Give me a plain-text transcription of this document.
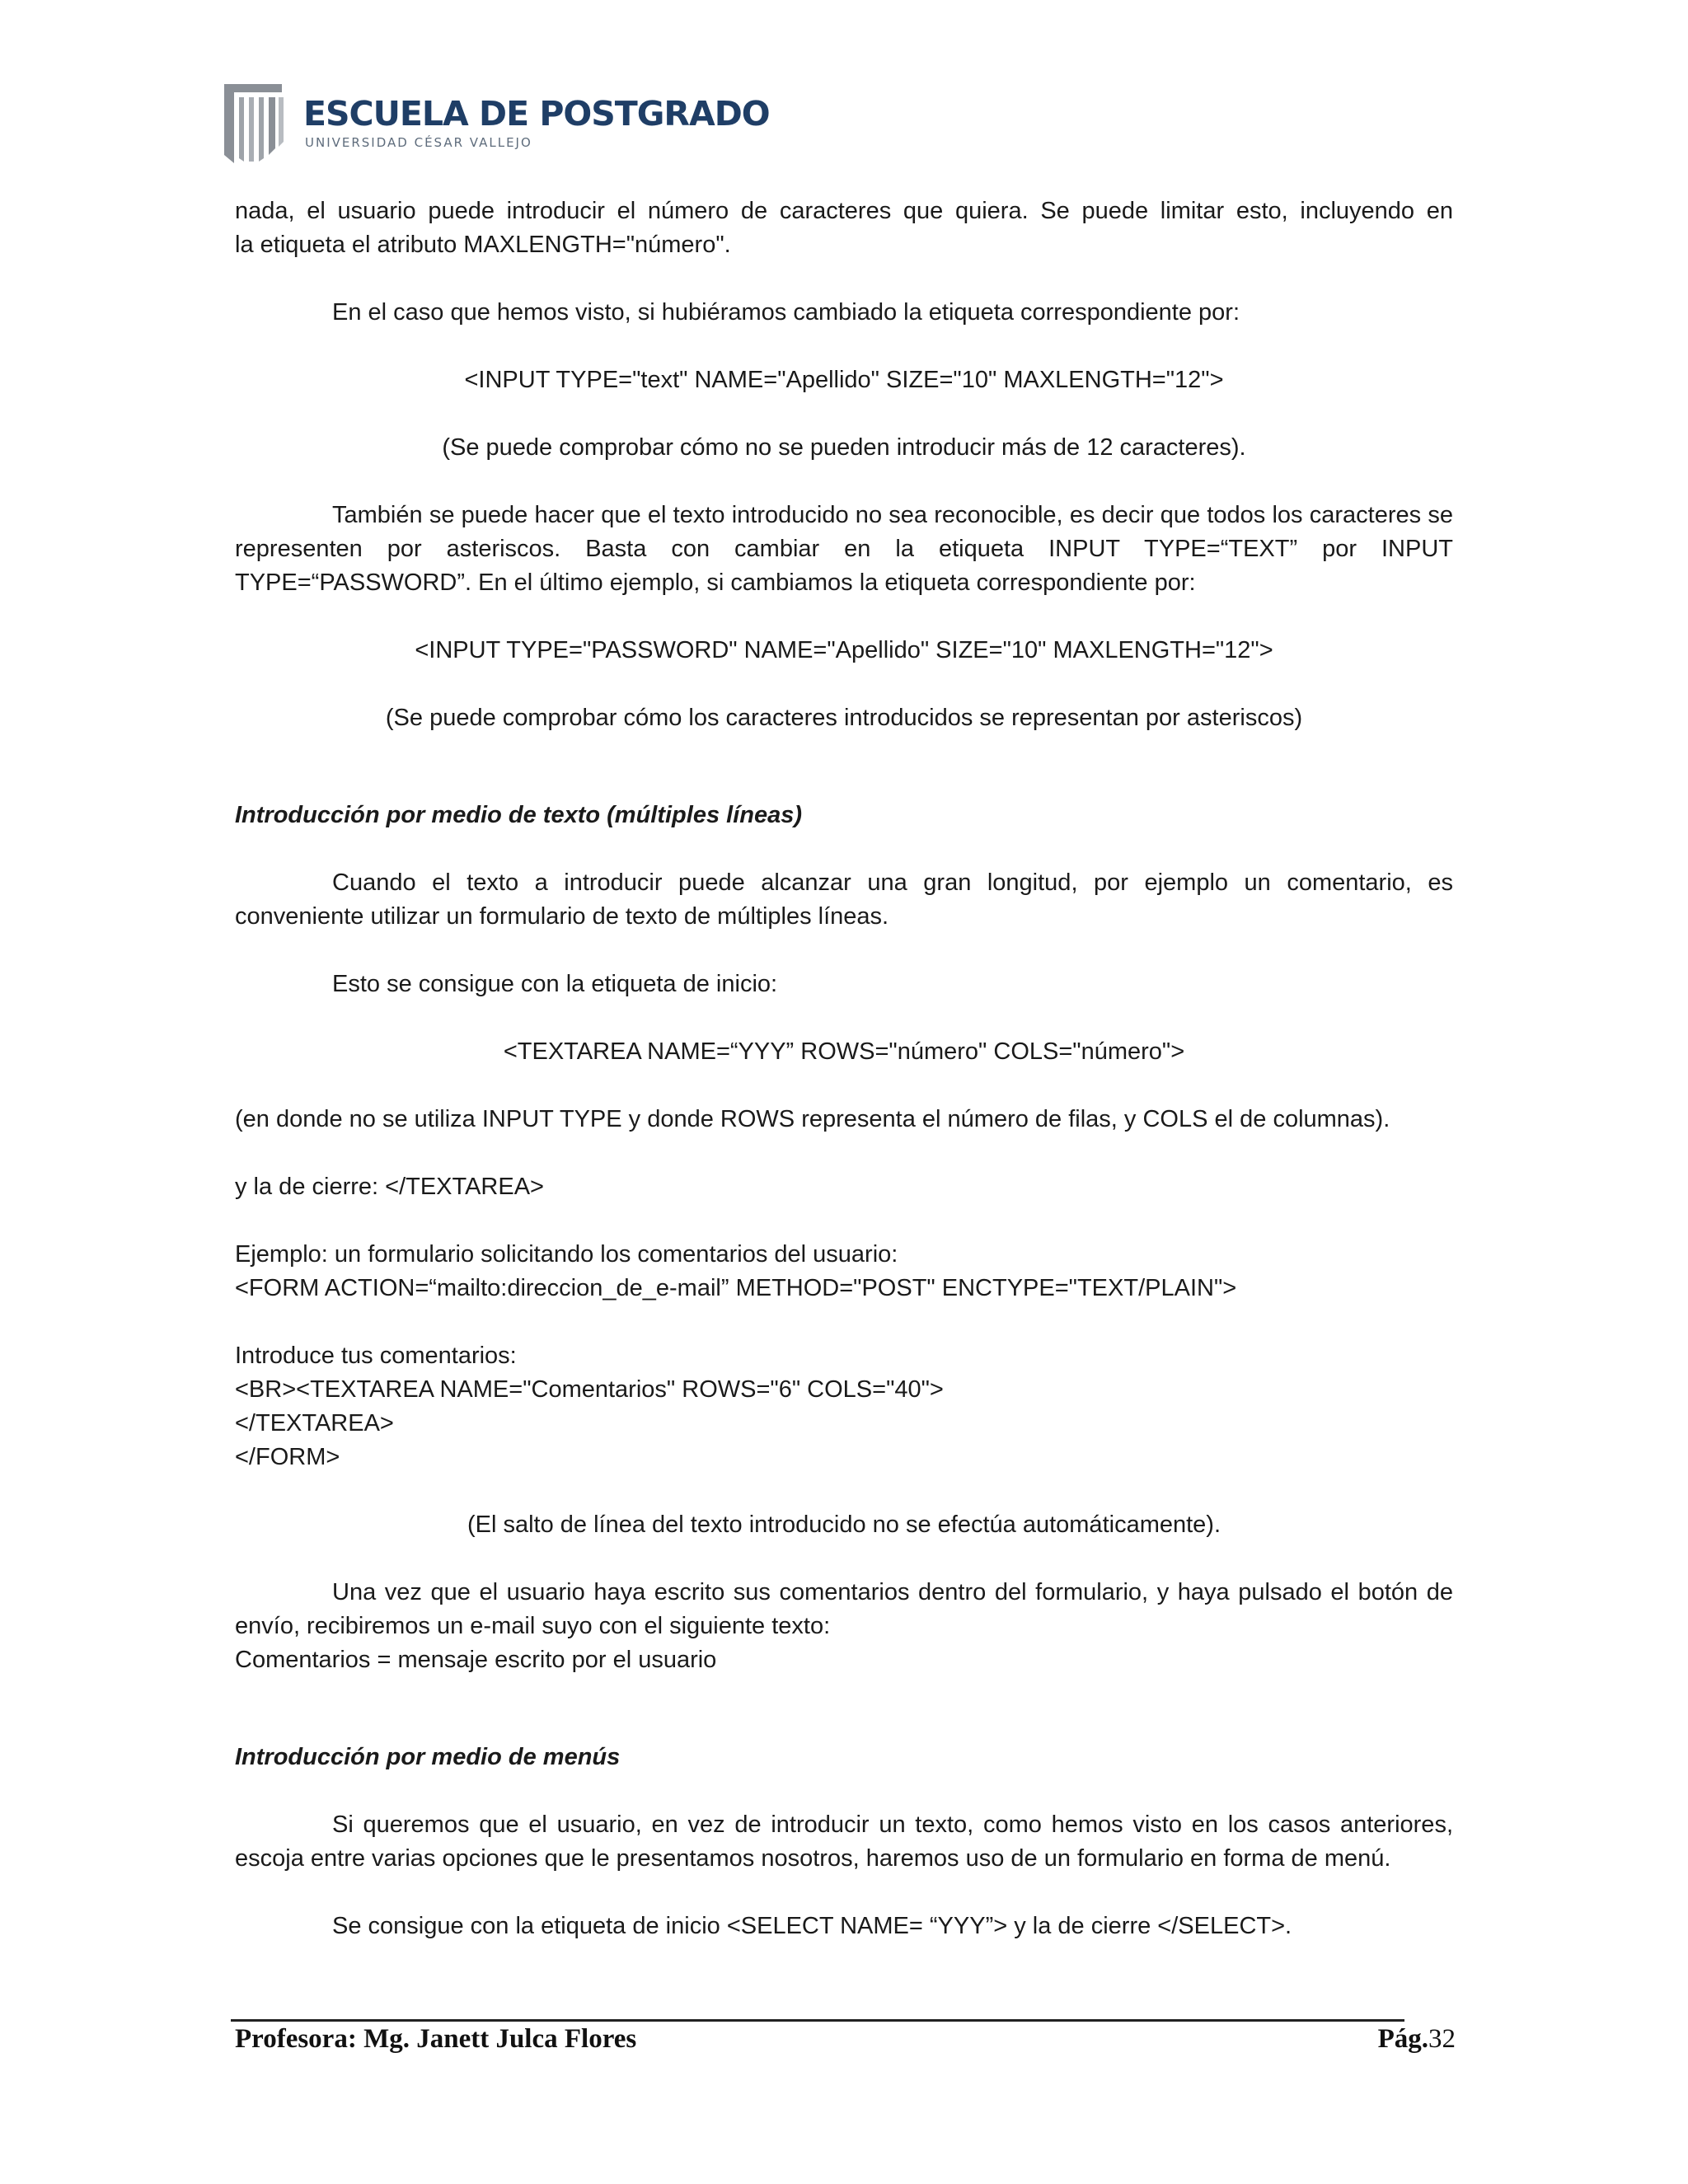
ESCUELA DE POSTGRADO
UNIVERSIDAD CÉSAR VALLEJO

nada, el usuario puede introducir el número de caracteres que quiera. Se puede limitar esto, incluyendo en

la etiqueta el atributo MAXLENGTH="número".

En el caso que hemos visto, si hubiéramos cambiado la etiqueta correspondiente por:

<INPUT TYPE="text" NAME="Apellido" SIZE="10" MAXLENGTH="12">

(Se puede comprobar cómo no se pueden introducir más de 12 caracteres).

También se puede hacer que el texto introducido no sea reconocible, es decir que todos los caracteres se representen por asteriscos. Basta con cambiar en la etiqueta INPUT TYPE=“TEXT” por INPUT TYPE=“PASSWORD”. En el último ejemplo, si cambiamos la etiqueta correspondiente por:

<INPUT TYPE="PASSWORD" NAME="Apellido" SIZE="10" MAXLENGTH="12">

(Se puede comprobar cómo los caracteres introducidos se representan por asteriscos)

Introducción por medio de texto (múltiples líneas)

Cuando el texto a introducir puede alcanzar una gran longitud, por ejemplo un comentario, es conveniente utilizar un formulario de texto de múltiples líneas.

Esto se consigue con la etiqueta de inicio:

<TEXTAREA NAME=“YYY” ROWS="número" COLS="número">

(en donde no se utiliza INPUT TYPE y donde ROWS representa el número de filas, y COLS el de columnas).

y la de cierre: </TEXTAREA>

Ejemplo: un formulario solicitando los comentarios del usuario:

<FORM ACTION=“mailto:direccion_de_e-mail” METHOD="POST" ENCTYPE="TEXT/PLAIN">

Introduce tus comentarios:

<BR><TEXTAREA NAME="Comentarios" ROWS="6" COLS="40">

</TEXTAREA>

</FORM>

(El salto de línea del texto introducido no se efectúa automáticamente).

Una vez que el usuario haya escrito sus comentarios dentro del formulario, y haya pulsado el botón de envío, recibiremos un e-mail suyo con el siguiente texto:

Comentarios = mensaje escrito por el usuario

Introducción por medio de menús

Si queremos que el usuario, en vez de introducir un texto, como hemos visto en los casos anteriores, escoja entre varias opciones que le presentamos nosotros, haremos uso de un formulario en forma de menú.

Se consigue con la etiqueta de inicio <SELECT NAME= “YYY”> y la de cierre </SELECT>.

Profesora: Mg. Janett Julca Flores	Pág.32
